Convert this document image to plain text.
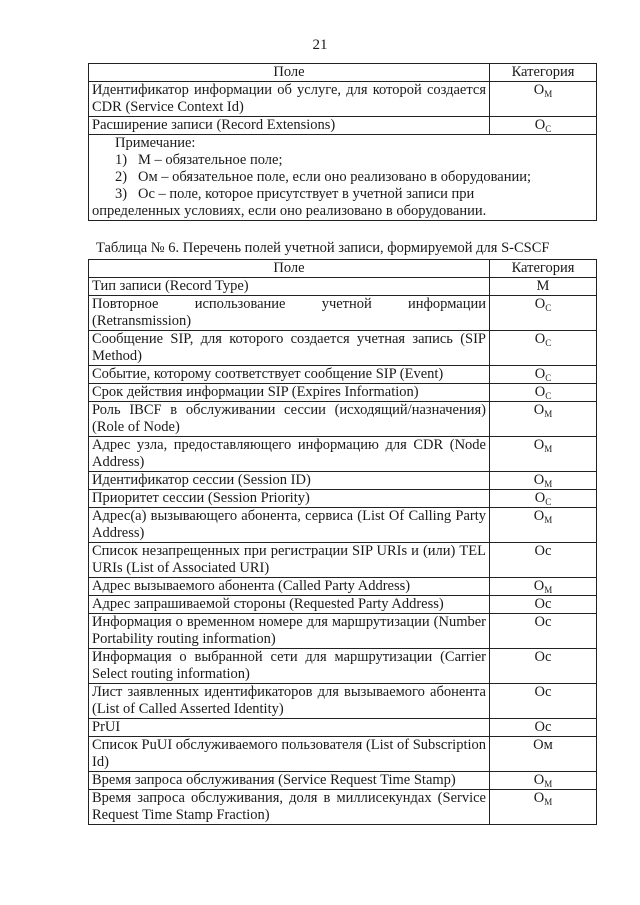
21
Поле	Категория
Идентификатор информации об услуге, для которой создается CDR (Service Context Id)	$O_M$
Расширение записи (Record Extensions)	$O_C$

Примечание:
1) M – обязательное поле;
2) Oм – обязательное поле, если оно реализовано в оборудовании;
3) Oс – поле, которое присутствует в учетной записи при
определенных условиях, если оно реализовано в оборудовании.	
Таблица № 6. Перечень полей учетной записи, формируемой для S-CSCF
Поле	Категория
Тип записи (Record Type)	M
Повторное использование учетной информации (Retransmission)	$O_C$
Сообщение SIP, для которого создается учетная запись (SIP Method)	$O_C$
Событие, которому соответствует сообщение SIP (Event)	$O_C$
Срок действия информации SIP (Expires Information)	$O_C$
Роль IBCF в обслуживании сессии (исходящий/назначения) (Role of Node)	$O_M$
Адрес узла, предоставляющего информацию для CDR (Node Address)	$O_M$
Идентификатор сессии (Session ID)	$O_M$
Приоритет сессии (Session Priority)	$O_C$
Адрес(а) вызывающего абонента, сервиса (List Of Calling Party Address)	$O_M$
Список незапрещенных при регистрации SIP URIs и (или) TEL URIs (List of Associated URI)	Oc
Адрес вызываемого абонента (Called Party Address)	$O_M$
Адрес запрашиваемой стороны (Requested Party Address)	Oc
Информация о временном номере для маршрутизации (Number Portability routing information)	Oc
Информация о выбранной сети для маршрутизации (Carrier Select routing information)	Oc
Лист заявленных идентификаторов для вызываемого абонента (List of Called Asserted Identity)	Oc
PrUI	Oc
Список PuUI обслуживаемого пользователя (List of Subscription Id)	Oм
Время запроса обслуживания (Service Request Time Stamp)	$O_M$
Время запроса обслуживания, доля в миллисекундах (Service Request Time Stamp Fraction)	$O_M$
